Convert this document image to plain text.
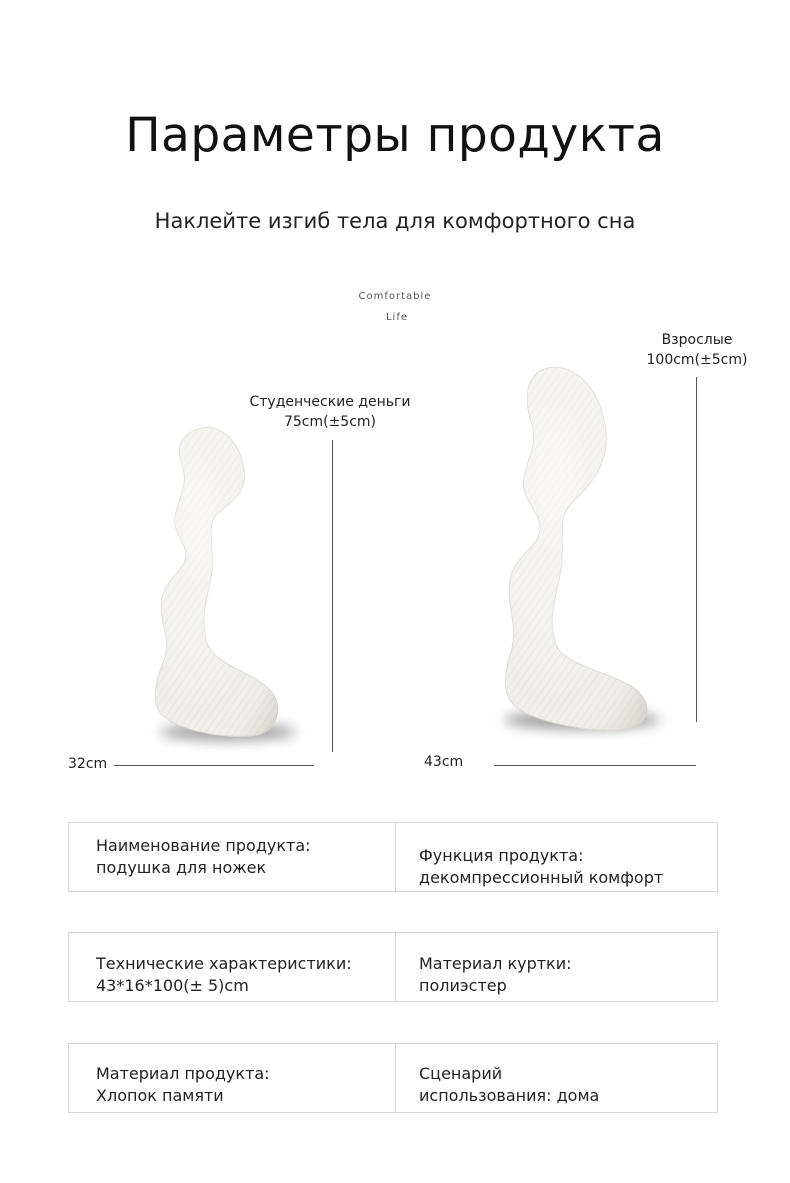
Параметры продукта

Наклейте изгиб тела для комфортного сна

Comfortable
Life
Студенческие деньги
75cm(±5cm)
32cm
Взрослые
100cm(±5cm)
43cm
Наименование продукта:
подушка для ножек
Функция продукта:
декомпрессионный комфорт
Технические характеристики:
43*16*100(± 5)cm
Материал куртки:
полиэстер
Материал продукта:
Хлопок памяти
Сценарий
использования: дома
